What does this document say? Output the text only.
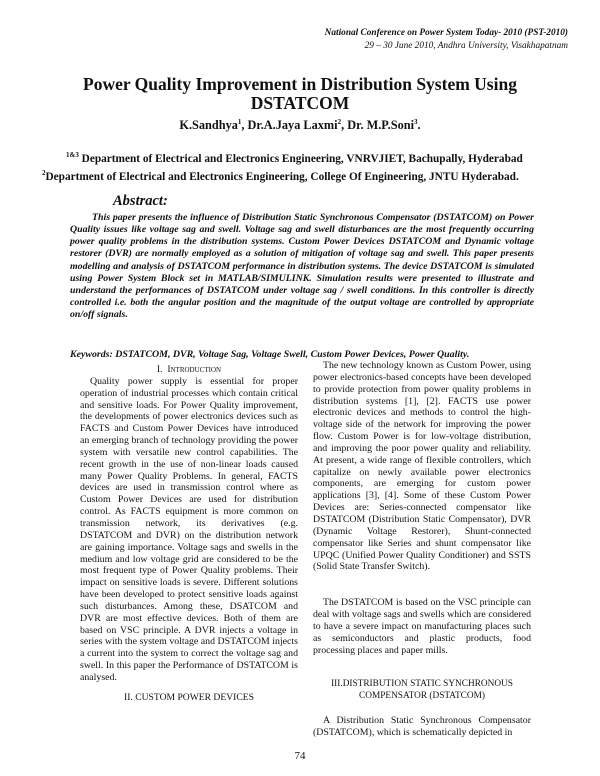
National Conference on Power System Today- 2010 (PST-2010)
29 – 30 June 2010, Andhra University, Visakhapatnam
Power Quality Improvement in Distribution System Using DSTATCOM
K.Sandhya$^1$, Dr.A.Jaya Laxmi$^2$, Dr. M.P.Soni$^3$.
$^{1\&3}$ Department of Electrical and Electronics Engineering, VNRVJIET, Bachupally, Hyderabad
$^2$Department of Electrical and Electronics Engineering, College Of Engineering, JNTU Hyderabad.
Abstract:
This paper presents the influence of Distribution Static Synchronous Compensator (DSTATCOM) on Power Quality issues like voltage sag and swell. Voltage sag and swell disturbances are the most frequently occurring power quality problems in the distribution systems. Custom Power Devices DSTATCOM and Dynamic voltage restorer (DVR) are normally employed as a solution of mitigation of voltage sag and swell. This paper presents modelling and analysis of DSTATCOM performance in distribution systems. The device DSTATCOM is simulated using Power System Block set in MATLAB/SIMULINK. Simulation results were presented to illustrate and understand the performances of DSTATCOM under voltage sag / swell conditions. In this controller is directly controlled i.e. both the angular position and the magnitude of the output voltage are controlled by appropriate on/off signals.
Keywords: DSTATCOM, DVR, Voltage Sag, Voltage Swell, Custom Power Devices, Power Quality.

I. Introduction

Quality power supply is essential for proper operation of industrial processes which contain critical and sensitive loads. For Power Quality improvement, the developments of power electronics devices such as FACTS and Custom Power Devices have introduced an emerging branch of technology providing the power system with versatile new control capabilities. The recent growth in the use of non-linear loads caused many Power Quality Problems. In general, FACTS devices are used in transmission control where as Custom Power Devices are used for distribution control. As FACTS equipment is more common on transmission network, its derivatives (e.g. DSTATCOM and DVR) on the distribution network are gaining importance. Voltage sags and swells in the medium and low voltage grid are considered to be the most frequent type of Power Quality problems. Their impact on sensitive loads is severe. Different solutions have been developed to protect sensitive loads against such disturbances. Among these, DSATCOM and DVR are most effective devices. Both of them are based on VSC principle. A DVR injects a voltage in series with the system voltage and DSTATCOM injects a current into the system to correct the voltage sag and swell. In this paper the Performance of DSTATCOM is analysed.

II. CUSTOM POWER DEVICES

The new technology known as Custom Power, using power electronics-based concepts have been developed to provide protection from power quality problems in distribution systems [1], [2]. FACTS use power electronic devices and methods to control the high-voltage side of the network for improving the power flow. Custom Power is for low-voltage distribution, and improving the poor power quality and reliability. At present, a wide range of flexible controllers, which capitalize on newly available power electronics components, are emerging for custom power applications [3], [4]. Some of these Custom Power Devices are: Series-connected compensator like DSTATCOM (Distribution Static Compensator), DVR (Dynamic Voltage Restorer), Shunt-connected compensator like Series and shunt compensator like UPQC (Unified Power Quality Conditioner) and SSTS (Solid State Transfer Switch).

The DSTATCOM is based on the VSC principle can deal with voltage sags and swells which are considered to have a severe impact on manufacturing places such as semiconductors and plastic products, food processing places and paper mills.

III.DISTRIBUTION STATIC SYNCHRONOUS

COMPENSATOR (DSTATCOM)

A Distribution Static Synchronous Compensator (DSTATCOM), which is schematically depicted in

74
